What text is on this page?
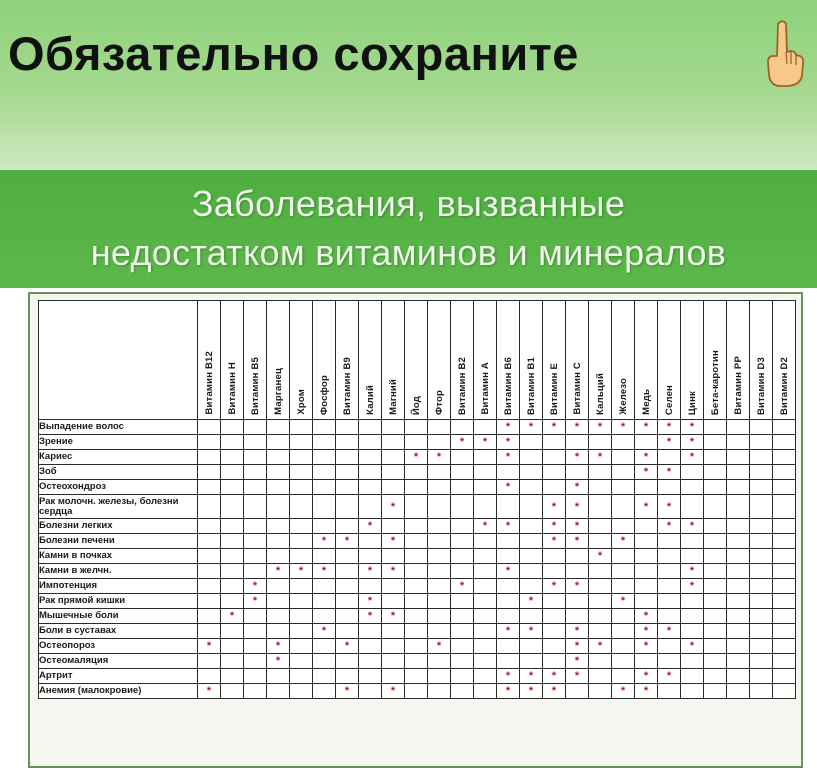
Обязательно сохраните
Заболевания, вызванные
недостатком витаминов и минералов

	Витамин В12	Витамин Н	Витамин В5	Марганец	Хром	Фосфор	Витамин В9	Калий	Магний	Йод	Фтор	Витамин В2	Витамин А	Витамин В6	Витамин В1	Витамин Е	Витамин С	Кальций	Железо	Медь	Селен	Цинк	Бета-каротин	Витамин РР	Витамин D3	Витамин D2

Выпадение волос														*	*	*	*	*	*	*	*	*				
Зрение												*	*	*							*	*				
Кариес										*	*			*			*	*		*		*				
Зоб																				*	*					
Остеохондроз														*			*									
Рак молочн. железы, болезни сердца									*							*	*			*	*					
Болезни легких								*					*	*		*	*				*	*				
Болезни печени						*	*		*							*	*		*							
Камни в почках																		*								
Камни в желчн.				*	*	*		*	*					*								*				
Импотенция			*									*				*	*					*				
Рак прямой кишки			*					*							*				*							
Мышечные боли		*						*	*											*						
Боли в суставах						*								*	*		*			*	*					
Остеопороз	*			*			*				*						*	*		*		*				
Остеомаляция				*													*									
Артрит														*	*	*	*			*	*					
Анемия (малокровие)	*						*		*					*	*	*			*	*						
